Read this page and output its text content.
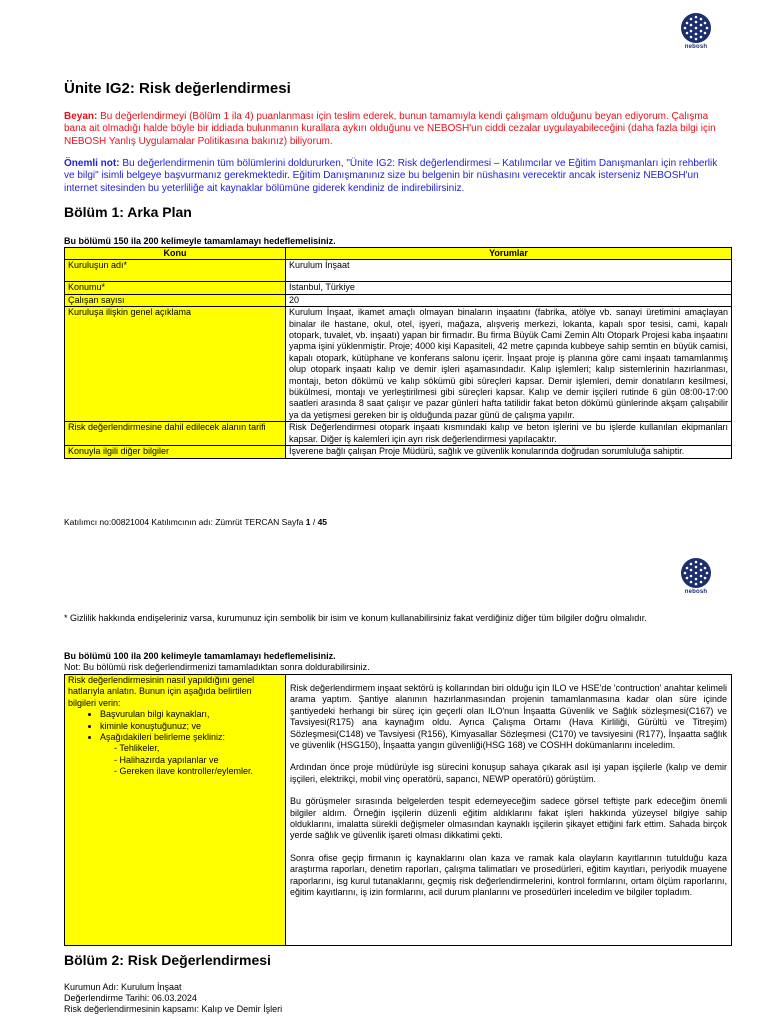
nebosh
Ünite IG2: Risk değerlendirmesi

Beyan: Bu değerlendirmeyi (Bölüm 1 ila 4) puanlanması için teslim ederek, bunun tamamıyla kendi çalışmam olduğunu beyan ediyorum. Çalışma bana ait olmadığı halde böyle bir iddiada bulunmanın kurallara aykırı olduğunu ve NEBOSH'un ciddi cezalar uygulayabileceğini (daha fazla bilgi için NEBOSH Yanlış Uygulamalar Politikasına bakınız) biliyorum.

Önemli not: Bu değerlendirmenin tüm bölümlerini doldururken, "Ünite IG2: Risk değerlendirmesi – Katılımcılar ve Eğitim Danışmanları için rehberlik ve bilgi" isimli belgeye başvurmanız gerekmektedir. Eğitim Danışmanınız size bu belgenin bir nüshasını verecektir ancak isterseniz NEBOSH'un internet sitesinden bu yeterliliğe ait kaynaklar bölümüne giderek kendiniz de indirebilirsiniz.

Bölüm 1: Arka Plan

Bu bölümü 150 ila 200 kelimeyle tamamlamayı hedeflemelisiniz.

Konu	Yorumlar
Kuruluşun adı*	Kurulum İnşaat
Konumu*	Istanbul, Türkiye
Çalışan sayısı	20
Kuruluşa ilişkin genel açıklama	Kurulum İnşaat, ikamet amaçlı olmayan binaların inşaatını (fabrika, atölye vb. sanayi üretimini amaçlayan binalar ile hastane, okul, otel, işyeri, mağaza, alışveriş merkezi, lokanta, kapalı spor tesisi, cami, kapalı otopark, tuvalet, vb. inşaatı) yapan bir firmadır. Bu firma Büyük Cami Zemin Altı Otopark Projesi kaba inşaatını yapma işini yüklenmiştir. Proje; 4000 kişi Kapasiteli, 42 metre çapında kubbeye sahip semtin en büyük camisi, kapalı otopark, kütüphane ve konferans salonu içerir. İnşaat proje iş planına göre cami inşaatı tamamlanmış olup otopark inşaatı kalıp ve demir işleri aşamasındadır. Kalıp işlemleri; kalıp sistemlerinin hazırlanması, montajı, beton dökümü ve kalıp sökümü gibi süreçleri kapsar. Demir işlemleri, demir donatıların kesilmesi, bükülmesi, montajı ve yerleştirilmesi gibi süreçleri kapsar. Kalıp ve demir işçileri rutinde 6 gün 08:00-17:00 saatleri arasında 8 saat çalışır ve pazar günleri hafta tatilidir fakat beton dökümü günlerinde akşam çalışabilir ya da yetişmesi gereken bir iş olduğunda pazar günü de çalışma yapılır.
Risk değerlendirmesine dahil edilecek alanın tarifi	Risk Değerlendirmesi otopark inşaatı kısmındaki kalıp ve beton işlerini ve bu işlerde kullanılan ekipmanları kapsar. Diğer iş kalemleri için ayrı risk değerlendirmesi yapılacaktır.
Konuyla ilgili diğer bilgiler	İşverene bağlı çalışan Proje Müdürü, sağlık ve güvenlik konularında doğrudan sorumluluğa sahiptir.
Katılımcı no:00821004 Katılımcının adı: Zümrüt TERCAN Sayfa 1 / 45
nebosh
* Gizlilik hakkında endişeleriniz varsa, kurumunuz için sembolik bir isim ve konum kullanabilirsiniz fakat verdiğiniz diğer tüm bilgiler doğru olmalıdır.

Bu bölümü 100 ila 200 kelimeyle tamamlamayı hedeflemelisiniz.

Not: Bu bölümü risk değerlendirmenizi tamamladıktan sonra doldurabilirsiniz.

Risk değerlendirmesinin nasıl yapıldığını genel hatlarıyla anlatın. Bunun için aşağıda belirtilen bilgileri verin:
• Başvurulan bilgi kaynakları,
• kiminle konuştuğunuz; ve
• Aşağıdakileri belirleme şekliniz:
- Tehlikeler,
- Halihazırda yapılanlar ve
- Gereken ilave kontroller/eylemler.

Risk değerlendirmem inşaat sektörü iş kollarından biri olduğu için ILO ve HSE'de 'contruction' anahtar kelimeli arama yaptım. Şantiye alanının hazırlanmasından projenin tamamlanmasına kadar olan süre içinde şantiyedeki herhangi bir süreç için geçerli olan ILO'nun İnşaatta Güvenlik ve Sağlık sözleşmesi(C167) ve Tavsiyesi(R175) ana kaynağım oldu. Ayrıca Çalışma Ortamı (Hava Kirliliği, Gürültü ve Titreşim) Sözleşmesi(C148) ve Tavsiyesi (R156), Kimyasallar Sözleşmesi (C170) ve tavsiyesini (R177), İnşaatta sağlık ve güvenlik (HSG150), İnşaatta yangın güvenliği(HSG 168) ve COSHH dokümanlarını inceledim.

Ardından önce proje müdürüyle isg sürecini konuşup sahaya çıkarak asıl işi yapan işçilerle (kalıp ve demir işçileri, elektrikçi, mobil vinç operatörü, sapancı, NEWP operatörü) görüştüm.

Bu görüşmeler sırasında belgelerden tespit edemeyeceğim sadece görsel teftişte park edeceğim önemli bilgiler aldım. Örneğin işçilerin düzenli eğitim aldıklarını fakat işleri hakkında yüzeysel bilgiye sahip olduklarını, imalatta sürekli değişmeler olmasından kaynaklı işçilerin şikayet ettiğini fark ettim. Sahada birçok yerde sağlık ve güvenlik işareti olması dikkatimi çekti.

Sonra ofise geçip firmanın iç kaynaklarını olan kaza ve ramak kala olayların kayıtlarının tutulduğu kaza araştırma raporları, denetim raporları, çalışma talimatları ve prosedürleri, eğitim kayıtları, periyodik muayene raporlarını, isg kurul tutanaklarını, geçmiş risk değerlendirmelerini, kontrol formlarını, ortam ölçüm raporlarını, eğitim kayıtlarını, iş izin formlarını, acil durum planlarını ve prosedürleri inceledim ve bilgiler topladım.

Bölüm 2: Risk Değerlendirmesi
Kurumun Adı: Kurulum İnşaat
Değerlendirme Tarihi: 06.03.2024
Risk değerlendirmesinin kapsamı: Kalıp ve Demir İşleri
